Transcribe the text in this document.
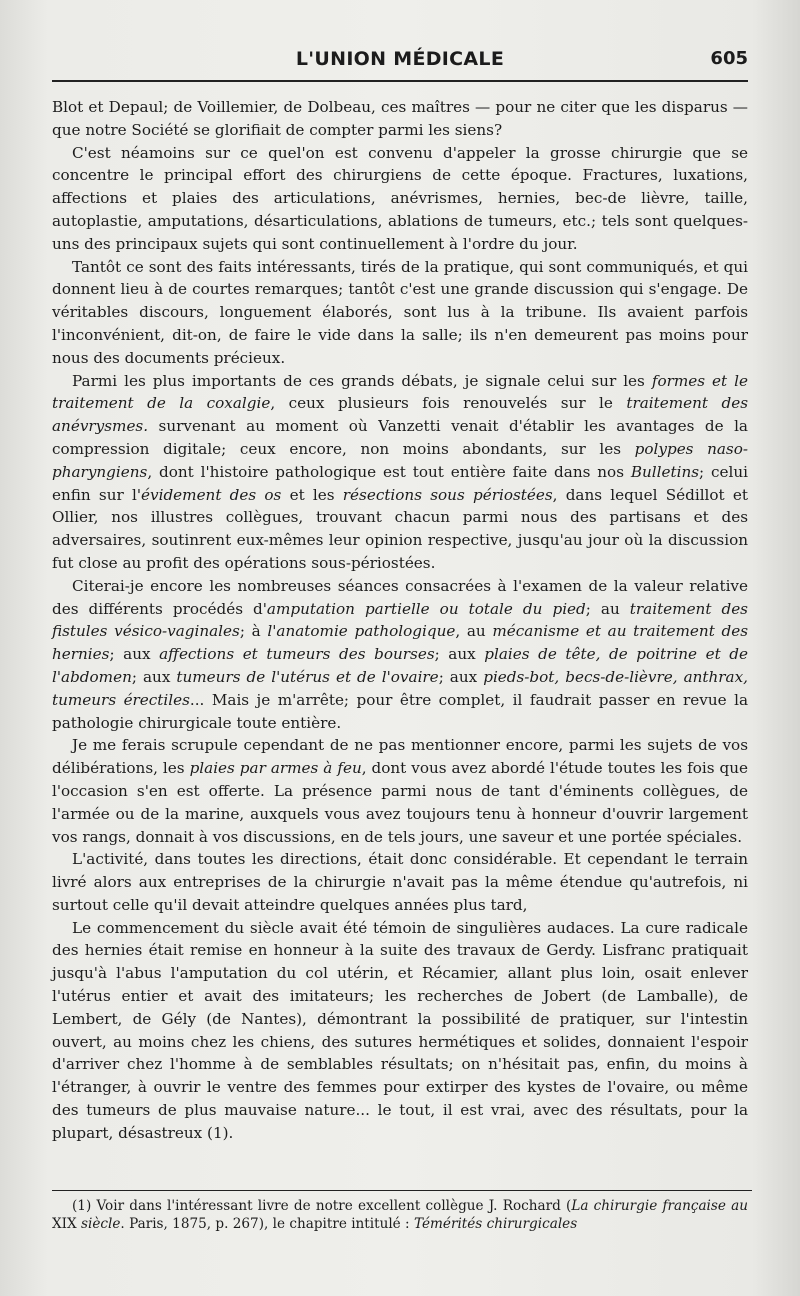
L'UNION MÉDICALE	605

Blot et Depaul; de Voillemier, de Dolbeau, ces maîtres — pour ne citer que les disparus — que notre Société se glorifiait de compter parmi les siens?

C'est néamoins sur ce quel'on est convenu d'appeler la grosse chirurgie que se concentre le principal effort des chirurgiens de cette époque. Fractures, luxations, affections et plaies des articulations, anévrismes, hernies, bec-de lièvre, taille, autoplastie, amputations, désarticulations, ablations de tumeurs, etc.; tels sont quelques-uns des principaux sujets qui sont continuellement à l'ordre du jour.

Tantôt ce sont des faits intéressants, tirés de la pratique, qui sont communiqués, et qui donnent lieu à de courtes remarques; tantôt c'est une grande discussion qui s'engage. De véritables discours, longuement élaborés, sont lus à la tribune. Ils avaient parfois l'inconvénient, dit-on, de faire le vide dans la salle; ils n'en demeurent pas moins pour nous des documents précieux.

Parmi les plus importants de ces grands débats, je signale celui sur les formes et le traitement de la coxalgie, ceux plusieurs fois renouvelés sur le traitement des anévrysmes. survenant au moment où Vanzetti venait d'établir les avantages de la compression digitale; ceux encore, non moins abondants, sur les polypes naso-pharyngiens, dont l'histoire pathologique est tout entière faite dans nos Bulletins; celui enfin sur l'évidement des os et les résections sous périostées, dans lequel Sédillot et Ollier, nos illustres collègues, trouvant chacun parmi nous des partisans et des adversaires, soutinrent eux-mêmes leur opinion respective, jusqu'au jour où la discussion fut close au profit des opérations sous-périostées.

Citerai-je encore les nombreuses séances consacrées à l'examen de la valeur relative des différents procédés d'amputation partielle ou totale du pied; au traitement des fistules vésico-vaginales; à l'anatomie pathologique, au mécanisme et au traitement des hernies; aux affections et tumeurs des bourses; aux plaies de tête, de poitrine et de l'abdomen; aux tumeurs de l'utérus et de l'ovaire; aux pieds-bot, becs-de-lièvre, anthrax, tumeurs érectiles... Mais je m'arrête; pour être complet, il faudrait passer en revue la pathologie chirurgicale toute entière.

Je me ferais scrupule cependant de ne pas mentionner encore, parmi les sujets de vos délibérations, les plaies par armes à feu, dont vous avez abordé l'étude toutes les fois que l'occasion s'en est offerte. La présence parmi nous de tant d'éminents collègues, de l'armée ou de la marine, auxquels vous avez toujours tenu à honneur d'ouvrir largement vos rangs, donnait à vos discussions, en de tels jours, une saveur et une portée spéciales.

L'activité, dans toutes les directions, était donc considérable. Et cependant le terrain livré alors aux entreprises de la chirurgie n'avait pas la même étendue qu'autrefois, ni surtout celle qu'il devait atteindre quelques années plus tard,

Le commencement du siècle avait été témoin de singulières audaces. La cure radicale des hernies était remise en honneur à la suite des travaux de Gerdy. Lisfranc pratiquait jusqu'à l'abus l'amputation du col utérin, et Récamier, allant plus loin, osait enlever l'utérus entier et avait des imitateurs; les recherches de Jobert (de Lamballe), de Lembert, de Gély (de Nantes), démontrant la possibilité de pratiquer, sur l'intestin ouvert, au moins chez les chiens, des sutures hermétiques et solides, donnaient l'espoir d'arriver chez l'homme à de semblables résultats; on n'hésitait pas, enfin, du moins à l'étranger, à ouvrir le ventre des femmes pour extirper des kystes de l'ovaire, ou même des tumeurs de plus mauvaise nature... le tout, il est vrai, avec des résultats, pour la plupart, désastreux (1).

(1) Voir dans l'intéressant livre de notre excellent collègue J. Rochard (La chirurgie française au XIX siècle. Paris, 1875, p. 267), le chapitre intitulé : Témérités chirurgicales
